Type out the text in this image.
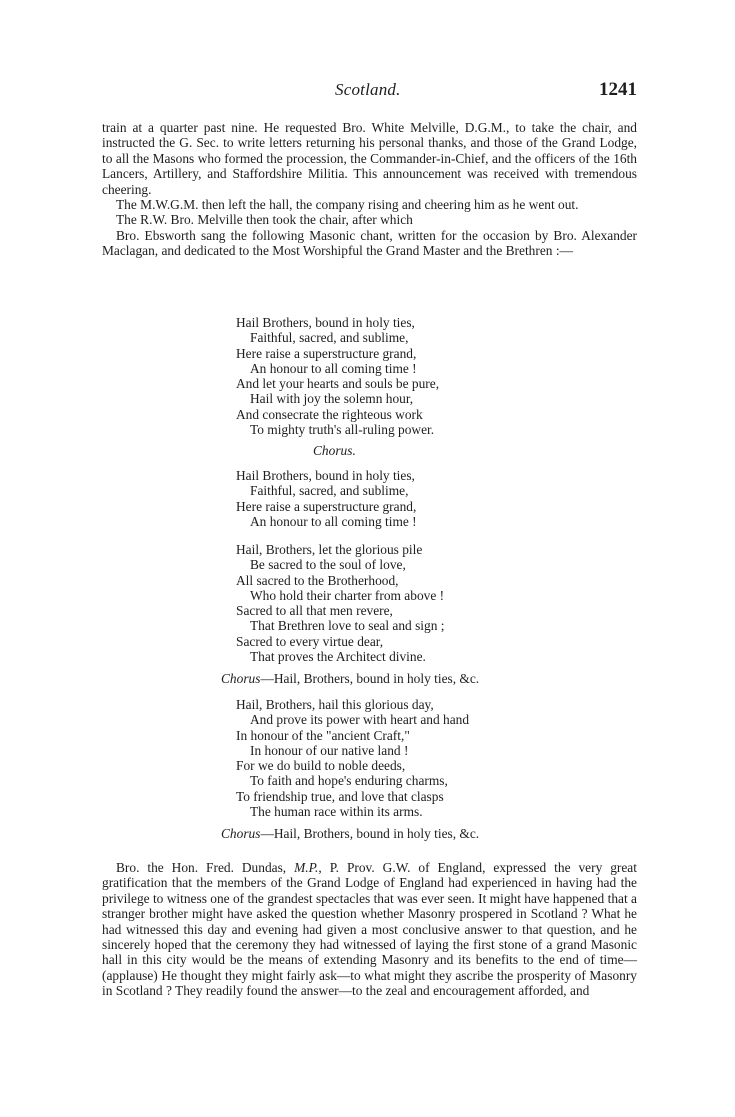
Scotland.	1241

train at a quarter past nine. He requested Bro. White Melville, D.G.M., to take the chair, and instructed the G. Sec. to write letters returning his personal thanks, and those of the Grand Lodge, to all the Masons who formed the procession, the Commander-in-Chief, and the officers of the 16th Lancers, Artillery, and Staffordshire Militia. This announcement was received with tremendous cheering.

The M.W.G.M. then left the hall, the company rising and cheering him as he went out.

The R.W. Bro. Melville then took the chair, after which

Bro. Ebsworth sang the following Masonic chant, written for the occasion by Bro. Alexander Maclagan, and dedicated to the Most Worshipful the Grand Master and the Brethren :—

Hail Brothers, bound in holy ties,
Faithful, sacred, and sublime,
Here raise a superstructure grand,
An honour to all coming time !
And let your hearts and souls be pure,
Hail with joy the solemn hour,
And consecrate the righteous work
To mighty truth's all-ruling power.
Chorus.
Hail Brothers, bound in holy ties,
Faithful, sacred, and sublime,
Here raise a superstructure grand,
An honour to all coming time !
Hail, Brothers, let the glorious pile
Be sacred to the soul of love,
All sacred to the Brotherhood,
Who hold their charter from above !
Sacred to all that men revere,
That Brethren love to seal and sign ;
Sacred to every virtue dear,
That proves the Architect divine.
Chorus—Hail, Brothers, bound in holy ties, &c.
Hail, Brothers, hail this glorious day,
And prove its power with heart and hand
In honour of the "ancient Craft,"
In honour of our native land !
For we do build to noble deeds,
To faith and hope's enduring charms,
To friendship true, and love that clasps
The human race within its arms.
Chorus—Hail, Brothers, bound in holy ties, &c.

Bro. the Hon. Fred. Dundas, M.P., P. Prov. G.W. of England, expressed the very great gratification that the members of the Grand Lodge of England had experienced in having had the privilege to witness one of the grandest spectacles that was ever seen. It might have happened that a stranger brother might have asked the question whether Masonry prospered in Scotland ? What he had witnessed this day and evening had given a most conclusive answer to that question, and he sincerely hoped that the ceremony they had witnessed of laying the first stone of a grand Masonic hall in this city would be the means of extending Masonry and its benefits to the end of time—(applause) He thought they might fairly ask—to what might they ascribe the prosperity of Masonry in Scotland ? They readily found the answer—to the zeal and encouragement afforded, and
